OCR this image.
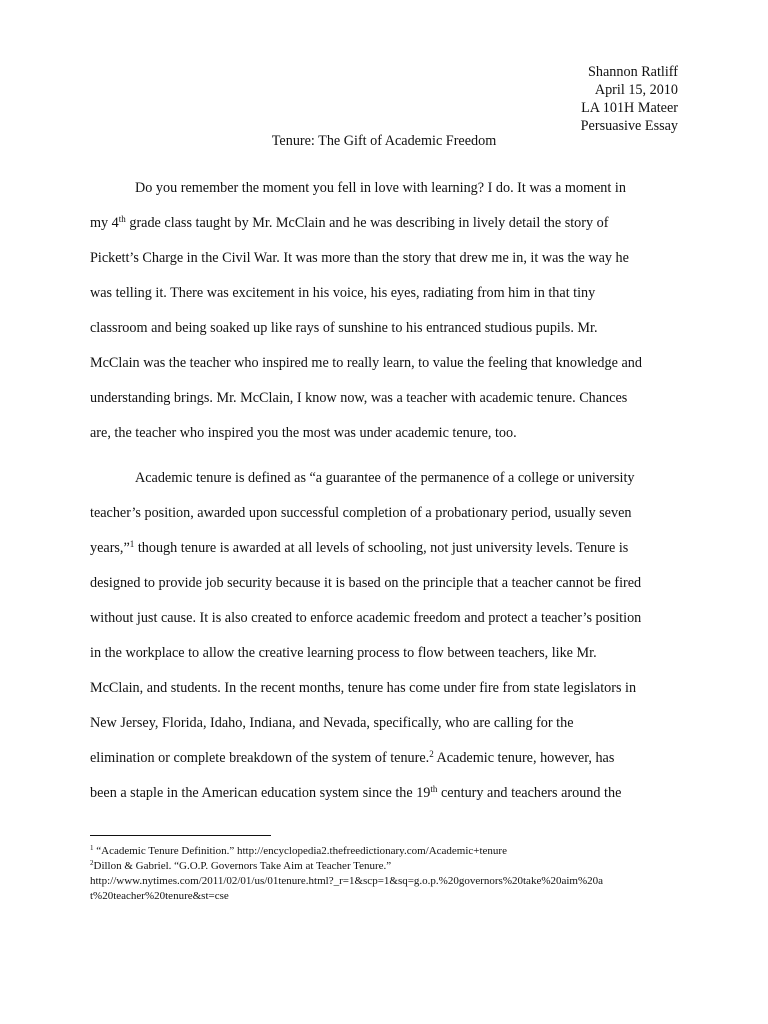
Shannon Ratliff
April 15, 2010
LA 101H Mateer
Persuasive Essay
Tenure: The Gift of Academic Freedom
Do you remember the moment you fell in love with learning? I do. It was a moment in
my 4th grade class taught by Mr. McClain and he was describing in lively detail the story of
Pickett’s Charge in the Civil War. It was more than the story that drew me in, it was the way he
was telling it. There was excitement in his voice, his eyes, radiating from him in that tiny
classroom and being soaked up like rays of sunshine to his entranced studious pupils. Mr.
McClain was the teacher who inspired me to really learn, to value the feeling that knowledge and
understanding brings. Mr. McClain, I know now, was a teacher with academic tenure. Chances
are, the teacher who inspired you the most was under academic tenure, too.
Academic tenure is defined as “a guarantee of the permanence of a college or university
teacher’s position, awarded upon successful completion of a probationary period, usually seven
years,”$^1$ though tenure is awarded at all levels of schooling, not just university levels. Tenure is
designed to provide job security because it is based on the principle that a teacher cannot be fired
without just cause. It is also created to enforce academic freedom and protect a teacher’s position
in the workplace to allow the creative learning process to flow between teachers, like Mr.
McClain, and students. In the recent months, tenure has come under fire from state legislators in
New Jersey, Florida, Idaho, Indiana, and Nevada, specifically, who are calling for the
elimination or complete breakdown of the system of tenure.$^2$ Academic tenure, however, has
been a staple in the American education system since the 19th century and teachers around the
$^1$ “Academic Tenure Definition.” http://encyclopedia2.thefreedictionary.com/Academic+tenure
$^2$Dillon & Gabriel. “G.O.P. Governors Take Aim at Teacher Tenure.”
http://www.nytimes.com/2011/02/01/us/01tenure.html?_r=1&scp=1&sq=g.o.p.%20governors%20take%20aim%20a
t%20teacher%20tenure&st=cse
